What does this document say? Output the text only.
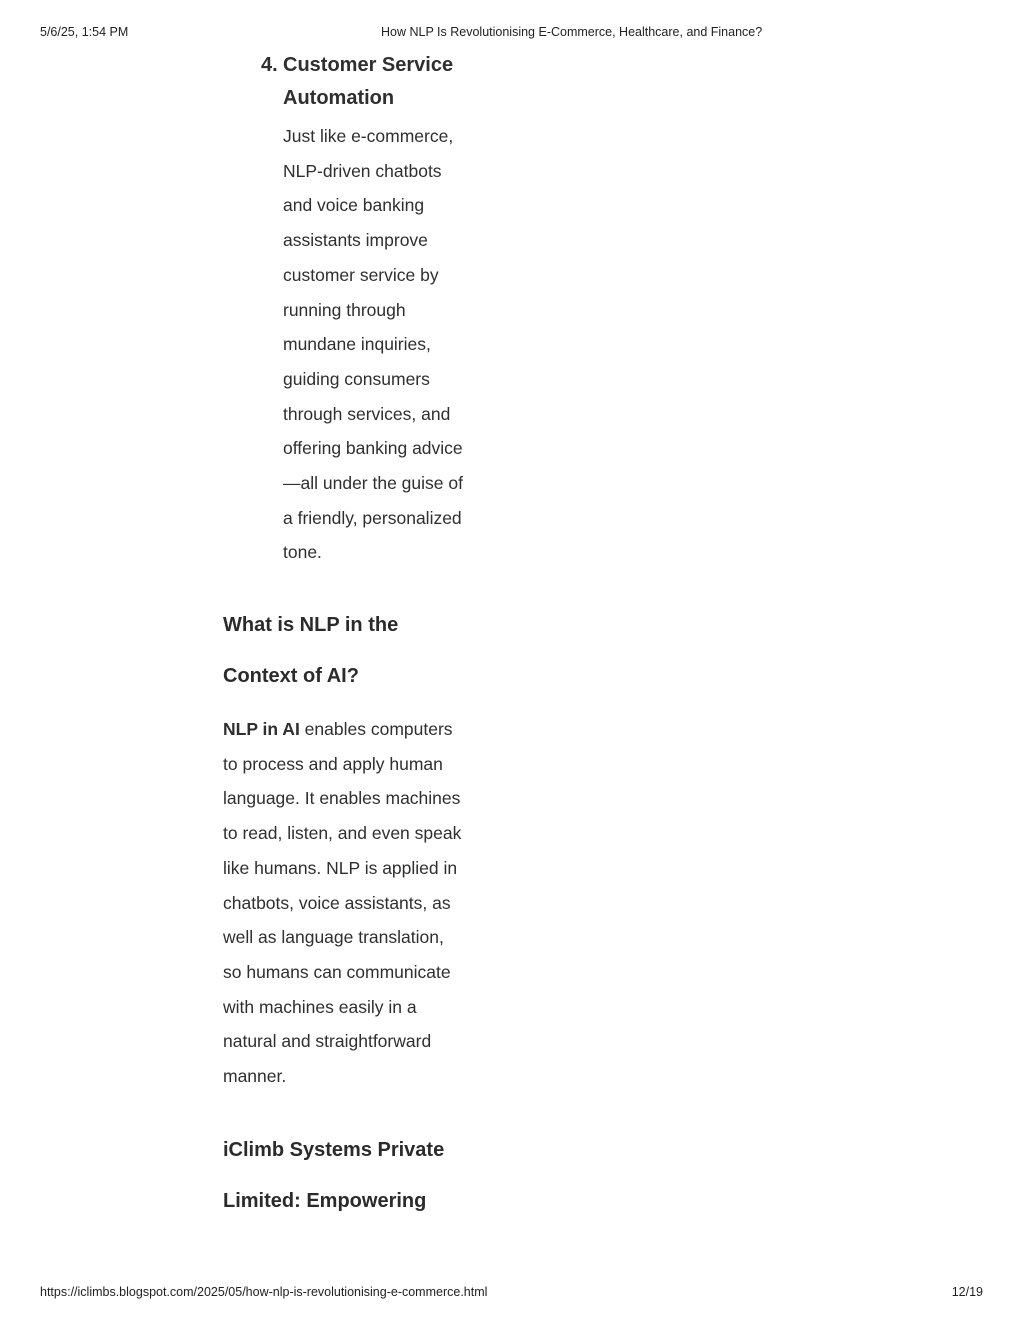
5/6/25, 1:54 PM	How NLP Is Revolutionising E-Commerce, Healthcare, and Finance?
4. Customer Service
Automation
Just like e-commerce,
NLP-driven chatbots
and voice banking
assistants improve
customer service by
running through
mundane inquiries,
guiding consumers
through services, and
offering banking advice
—all under the guise of
a friendly, personalized
tone.
What is NLP in the
Context of AI?
NLP in AI enables computers
to process and apply human
language. It enables machines
to read, listen, and even speak
like humans. NLP is applied in
chatbots, voice assistants, as
well as language translation,
so humans can communicate
with machines easily in a
natural and straightforward
manner.
iClimb Systems Private
Limited: Empowering
https://iclimbs.blogspot.com/2025/05/how-nlp-is-revolutionising-e-commerce.html	12/19
